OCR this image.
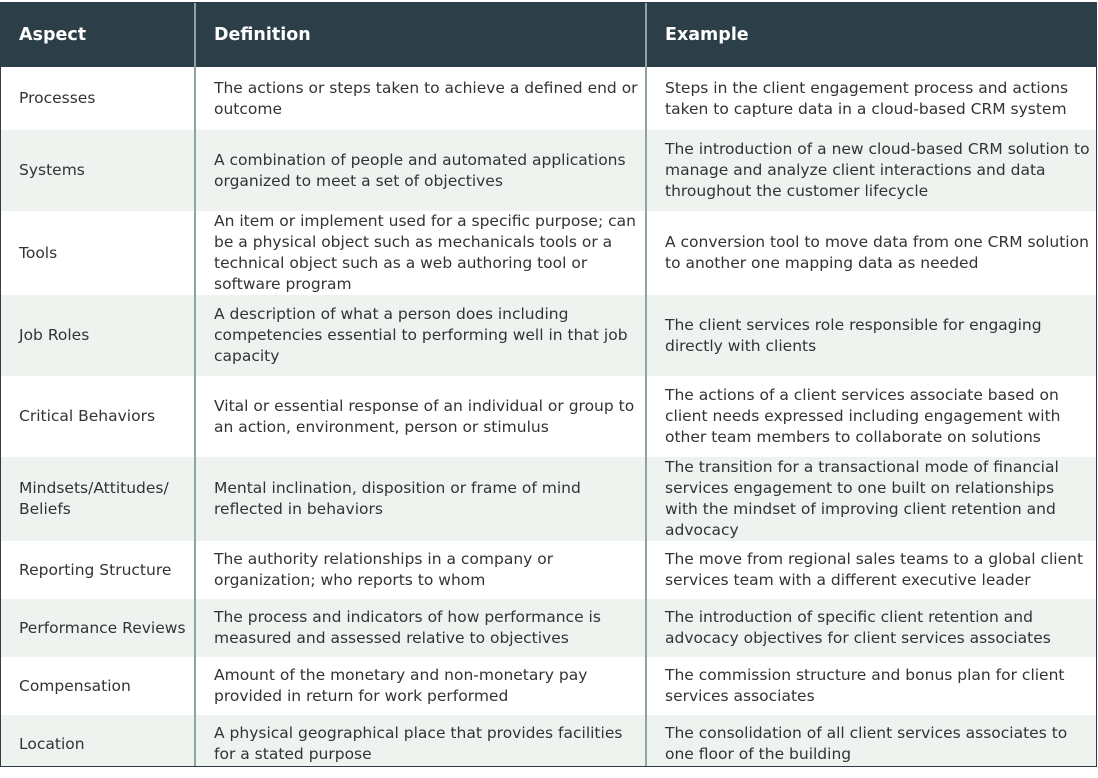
Aspect	Definition	Example
Processes	The actions or steps taken to achieve a defined end or outcome	Steps in the client engagement process and actions taken to capture data in a cloud-based CRM system
Systems	A combination of people and automated applications organized to meet a set of objectives	The introduction of a new cloud-based CRM solution to manage and analyze client interactions and data throughout the customer lifecycle
Tools	An item or implement used for a specific purpose; can be a physical object such as mechanicals tools or a technical object such as a web authoring tool or software program	A conversion tool to move data from one CRM solution to another one mapping data as needed
Job Roles	A description of what a person does including competencies essential to performing well in that job capacity	The client services role responsible for engaging directly with clients
Critical Behaviors	Vital or essential response of an individual or group to an action, environment, person or stimulus	The actions of a client services associate based on client needs expressed including engagement with other team members to collaborate on solutions
Mindsets/Attitudes/ Beliefs	Mental inclination, disposition or frame of mind reflected in behaviors	The transition for a transactional mode of financial services engagement to one built on relationships with the mindset of improving client retention and advocacy
Reporting Structure	The authority relationships in a company or organization; who reports to whom	The move from regional sales teams to a global client services team with a different executive leader
Performance Reviews	The process and indicators of how performance is measured and assessed relative to objectives	The introduction of specific client retention and advocacy objectives for client services associates
Compensation	Amount of the monetary and non-monetary pay provided in return for work performed	The commission structure and bonus plan for client services associates
Location	A physical geographical place that provides facilities for a stated purpose	The consolidation of all client services associates to one floor of the building
